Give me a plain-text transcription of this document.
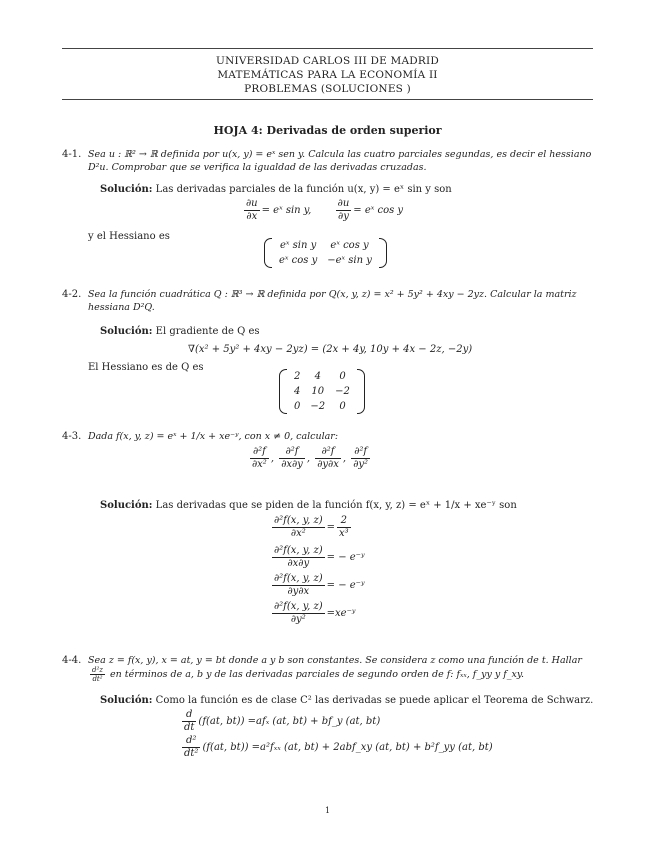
UNIVERSIDAD CARLOS III DE MADRID
MATEMÁTICAS PARA LA ECONOMÍA II
PROBLEMAS (SOLUCIONES )
HOJA 4: Derivadas de orden superior
4-1. Sea u : ℝ² → ℝ definida por u(x, y) = eˣ sen y. Calcula las cuatro parciales segundas, es decir el hessiano
D²u. Comprobar que se verifica la igualdad de las derivadas cruzadas.
Solución: Las derivadas parciales de la función u(x, y) = eˣ sin y son
$\frac{\partial u}{\partial x}$ = eˣ sin y, $\frac{\partial u}{\partial y}$ = eˣ cos y
y el Hessiano es
eˣ sin y	eˣ cos y
eˣ cos y	−eˣ sin y
4-2. Sea la función cuadrática Q : ℝ³ → ℝ definida por Q(x, y, z) = x² + 5y² + 4xy − 2yz. Calcular la matriz
hessiana D²Q.
Solución: El gradiente de Q es
∇(x² + 5y² + 4xy − 2yz) = (2x + 4y, 10y + 4x − 2z, −2y)
El Hessiano es de Q es
2	4	0
4	10	−2
0	−2	0
4-3. Dada f(x, y, z) = eˣ + 1/x + xe⁻ʸ, con x ≠ 0, calcular:
$\frac{\text{∂²f}}{\text{∂x²}}$ , $\frac{\text{∂²f}}{\partial x\partial y}$ , $\frac{\text{∂²f}}{\partial y\partial x}$ , $\frac{\text{∂²f}}{\text{∂y²}}$
Solución: Las derivadas que se piden de la función f(x, y, z) = eˣ + 1/x + xe⁻ʸ son
$\frac{\text{∂²f(x, y, z)}}{\text{∂x²}} = \frac{2}{\text{x³}}$
$\frac{\text{∂²f(x, y, z)}}{\partial x\partial y}$ = − e⁻ʸ
$\frac{\text{∂²f(x, y, z)}}{\partial y\partial x}$ = − e⁻ʸ
$\frac{\text{∂²f(x, y, z)}}{\text{∂y²}}$ =xe⁻ʸ
4-4. Sea z = f(x, y), x = at, y = bt donde a y b son constantes. Se considera z como una función de t. Hallar
$\frac{\text{d²z}}{\text{dt²}}$ en términos de a, b y de las derivadas parciales de segundo orden de f: fₓₓ, f_yy y f_xy.
Solución: Como la función es de clase C² las derivadas se puede aplicar el Teorema de Schwarz.
$\frac{d}{dt} (f(at$, bt)) =afₓ (at, bt) + bf_y (at, bt)
$\frac{\text{d²}}{\text{dt²}} (f(at$, bt)) =a²fₓₓ (at, bt) + 2abf_xy (at, bt) + b²f_yy (at, bt)
1
